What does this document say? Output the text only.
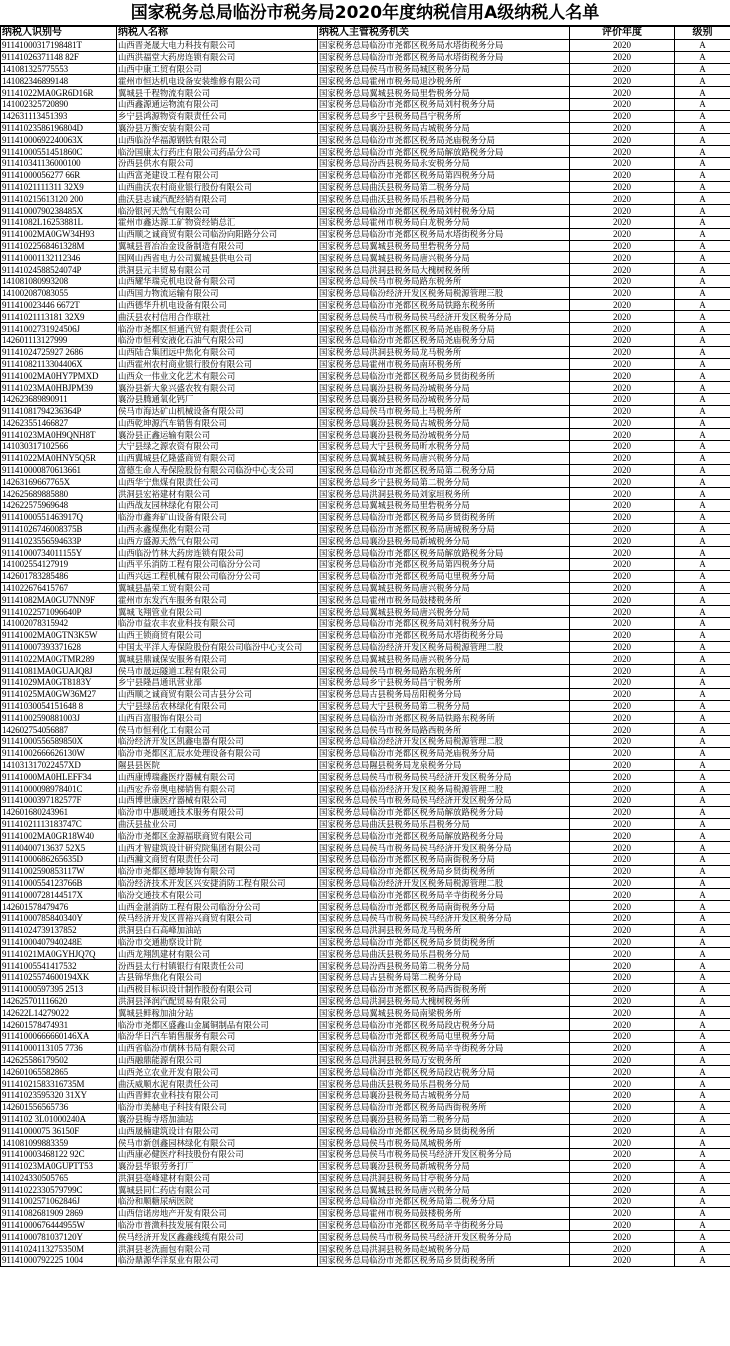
国家税务总局临汾市税务局2020年度纳税信用A级纳税人名单
纳税人识别号	纳税人名称	纳税人主管税务机关	评价年度	级别
91141000317198481T	山西晋尧晟大电力科技有限公司	国家税务总局临汾市尧都区税务局水塔街税务分局	2020	A
91141026371148 82F	山西洪福堂大药房连锁有限公司	国家税务总局临汾市尧都区税务局水塔街税务分局	2020	A
141081325775553	山西中康工贸有限公司	国家税务总局侯马市税务局城区税务分局	2020	A
141082346899148	霍州市恒达机电设备安装维修有限公司	国家税务总局霍州市税务局退沙税务所	2020	A
91141022MA0GR6D16R	翼城县千程物流有限公司	国家税务总局翼城县税务局里砦税务分局	2020	A
141002325720890	山西鑫源通运物流有限公司	国家税务总局临汾市尧都区税务局刘村税务分局	2020	A
142631113451393	乡宁县鸿源物资有限责任公司	国家税务总局乡宁县税务局昌宁税务所	2020	A
91141023586196804D	襄汾县万衡安装有限公司	国家税务总局襄汾县税务局古城税务分局	2020	A
91141000692240063X	山西临汾华福源钢铁有限公司	国家税务总局临汾市尧都区税务局尧庙税务分局	2020	A
91141000551451860C	临汾国康太行药庄有限公司药品分公司	国家税务总局临汾市尧都区税务局解放路税务分局	2020	A
911410341136000100	汾西县供水有限公司	国家税务总局汾西县税务局永安税务分局	2020	A
91141000056277 66R	山西富尧建设工程有限公司	国家税务总局临汾市尧都区税务局第四税务分局	2020	A
91141021111311 32X9	山西曲沃农村商业银行股份有限公司	国家税务总局曲沃县税务局第二税务分局	2020	A
911410215613120 200	曲沃县志诚汽配经销有限公司	国家税务总局曲沃县税务局乐昌税务分局	2020	A
91141000790238485X	临汾银河天然气有限公司	国家税务总局临汾市尧都区税务局刘村税务分局	2020	A
91141082L16253881L	霍州市鑫达源工矿物资经销总汇	国家税务总局霍州市税务局白龙税务分局	2020	A
91141002MA0GW34H93	山西顺之诚商贸有限公司临汾向阳路分公司	国家税务总局临汾市尧都区税务局水塔街税务分局	2020	A
91141022568461328M	翼城县晋冶冶金设备制造有限公司	国家税务总局翼城县税务局里砦税务分局	2020	A
911410001132112346	国网山西省电力公司翼城县供电公司	国家税务总局翼城县税务局唐兴税务分局	2020	A
91141024588524074P	洪洞县元丰贸易有限公司	国家税务总局洪洞县税务局大槐树税务所	2020	A
141081080993208	山西耀华瑞克机电设备有限公司	国家税务总局侯马市税务局路东税务所	2020	A
141002087083055	山西国力物流运输有限公司	国家税务总局临汾经济开发区税务局税源管理三股	2020	A
911410023446 6672T	山西德华升机电设备有限公司	国家税务总局临汾市尧都区税务局铁路东税务所	2020	A
91141021113181 32X9	曲沃县农村信用合作联社	国家税务总局侯马市税务局侯马经济开发区税务分局	2020	A
91141002731924506J	临汾市尧都区恒通汽贸有限责任公司	国家税务总局临汾市尧都区税务局尧庙税务分局	2020	A
142601113127999	临汾市恒利安液化石油气有限公司	国家税务总局临汾市尧都区税务局尧庙税务分局	2020	A
91141024725927 2686	山西陆合集团远中焦化有限公司	国家税务总局洪洞县税务局龙马税务所	2020	A
91141082113304406X	山西霍州农村商业银行股份有限公司	国家税务总局霍州市税务局南环税务所	2020	A
91141002MA0HY7PMXD	山西众一伟业文化艺术有限公司	国家税务总局临汾市尧都区税务局乡贤街税务所	2020	A
91141023MA0HBJPM39	襄汾县新大象兴盛农牧有限公司	国家税务总局襄汾县税务局汾城税务分局	2020	A
142623689890911	襄汾县腾通氧化钙厂	国家税务总局襄汾县税务局汾城税务分局	2020	A
91141081794236364P	侯马市海达矿山机械设备有限公司	国家税务总局侯马市税务局上马税务所	2020	A
142623551466827	山西乾坤源汽车销售有限公司	国家税务总局襄汾县税务局古城税务分局	2020	A
91141023MA0H9QNH8T	襄汾县正鑫运输有限公司	国家税务总局襄汾县税务局汾城税务分局	2020	A
141030317102566	大宁县绿之源农资有限公司	国家税务总局大宁县税务局昕水税务分局	2020	A
91141022MA0HNY5Q5R	山西翼城县亿隆盛商贸有限公司	国家税务总局翼城县税务局唐兴税务分局	2020	A
911410000870613661	富德生命人寿保险股份有限公司临汾中心支公司	国家税务总局临汾市尧都区税务局第二税务分局	2020	A
14263169667765X	山西华宁焦煤有限责任公司	国家税务总局乡宁县税务局第二税务分局	2020	A
142625689885880	洪洞县宏裕建材有限公司	国家税务总局洪洞县税务局刘家垣税务所	2020	A
142622575969648	山西战友园林绿化有限公司	国家税务总局翼城县税务局里砦税务分局	2020	A
91141000551463917Q	临汾市鑫奔矿山设备有限公司	国家税务总局临汾市尧都区税务局乡贤街税务所	2020	A
91141026746008375B	山西永鑫煤焦化有限公司	国家税务总局临汾市尧都区税务局唐城税务分局	2020	A
91141023556594633P	山西方盛源天然气有限公司	国家税务总局襄汾县税务局新城税务分局	2020	A
91141000734011155Y	山西临汾竹林大药房连锁有限公司	国家税务总局临汾市尧都区税务局解放路税务分局	2020	A
141002554127919	山西平乐消防工程有限公司临汾分公司	国家税务总局临汾市尧都区税务局第四税务分局	2020	A
142601783285486	山西兴远工程机械有限公司临汾分公司	国家税务总局临汾市尧都区税务局屯里税务分局	2020	A
141022676415767	翼城县晶荣工贸有限公司	国家税务总局翼城县税务局唐兴税务分局	2020	A
91141082MA0GU7NN9F	霍州市东发汽车服务有限公司	国家税务总局霍州市税务局鼓楼税务所	2020	A
91141022571096640P	翼城飞翔管业有限公司	国家税务总局翼城县税务局唐兴税务分局	2020	A
141002078315942	临汾市益农丰农业科技有限公司	国家税务总局临汾市尧都区税务局刘村税务分局	2020	A
91141002MA0GTN3K5W	山西王锁商贸有限公司	国家税务总局临汾市尧都区税务局水塔街税务分局	2020	A
911410007393371628	中国太平洋人寿保险股份有限公司临汾中心支公司	国家税务总局临汾经济开发区税务局税源管理二股	2020	A
91141022MA0GTMR289	翼城县鼎诚保安服务有限公司	国家税务总局翼城县税务局唐兴税务分局	2020	A
91141081MA0GUAJQ8J	侯马市晟远隧道工程有限公司	国家税务总局侯马市税务局路东税务所	2020	A
91141029MA0GT8183Y	乡宁县隆昌通讯营业部	国家税务总局乡宁县税务局昌宁税务所	2020	A
91141025MA0GW36M27	山西顺之诚商贸有限公司古县分公司	国家税务总局古县税务局岳阳税务分局	2020	A
91141030054151648 8	大宁县绿岳农林绿化有限公司	国家税务总局大宁县税务局第二税务分局	2020	A
91141002590881003J	山西百富服饰有限公司	国家税务总局临汾市尧都区税务局铁路东税务所	2020	A
142602754056887	侯马市恒利化工有限公司	国家税务总局侯马市税务局路西税务所	2020	A
91141000556589850X	临汾经济开发区凯鑫电器有限公司	国家税务总局临汾经济开发区税务局税源管理二股	2020	A
91141002666626130W	临汾市尧都区汇辰水处理设备有限公司	国家税务总局临汾市尧都区税务局尧庙税务分局	2020	A
141031317022457XD	隰县县医院	国家税务总局隰县税务局龙泉税务分局	2020	A
91141000MA0HLEFF34	山西康博瑞鑫医疗器械有限公司	国家税务总局侯马市税务局侯马经济开发区税务分局	2020	A
91141000098978401C	山西宏乔帝奥电梯销售有限公司	国家税务总局临汾经济开发区税务局税源管理二股	2020	A
91141000397182577F	山西博世康医疗器械有限公司	国家税务总局侯马市税务局侯马经济开发区税务分局	2020	A
142601680243961	临汾市中惠暖通技术服务有限公司	国家税务总局临汾市尧都区税务局解放路税务分局	2020	A
91141021113183747C	曲沃县盐业公司	国家税务总局曲沃县税务局乐昌税务分局	2020	A
91141002MA0GR18W40	临汾市尧都区金源福联商贸有限公司	国家税务总局临汾市尧都区税务局解放路税务分局	2020	A
91140400713637 52X5	山西才智建筑设计研究院集团有限公司	国家税务总局侯马市税务局侯马经济开发区税务分局	2020	A
91141000686265635D	山西瀚文商贸有限责任公司	国家税务总局临汾市尧都区税务局南街税务分局	2020	A
91141002590853117W	临汾市尧都区德坤装饰有限公司	国家税务总局临汾市尧都区税务局乡贤街税务所	2020	A
91141000554123766B	临汾经济技术开发区兴安捷消防工程有限公司	国家税务总局临汾经济开发区税务局税源管理二股	2020	A
91141000728144517X	临汾交通技术有限公司	国家税务总局临汾市尧都区税务局辛寺街税务分局	2020	A
142601578479476	山西金湛消防工程有限公司临汾分公司	国家税务总局临汾市尧都区税务局南街税务分局	2020	A
91141000785840340Y	侯马经济开发区晋裕兴商贸有限公司	国家税务总局侯马市税务局侯马经济开发区税务分局	2020	A
91141024739137852	洪洞县白石高峰加油站	国家税务总局洪洞县税务局龙马税务所	2020	A
91141000407940248E	临汾市交通勘察设计院	国家税务总局临汾市尧都区税务局乡贤街税务所	2020	A
91141021MA0GYHJQ7Q	山西龙翔凯建材有限公司	国家税务总局曲沃县税务局乐昌税务分局	2020	A
91141005541417532	汾西县太行村镇银行有限责任公司	国家税务总局汾西县税务局第二税务分局	2020	A
91141025574600194XK	古县锦华焦化有限公司	国家税务总局古县税务局第二税务分局	2020	A
91141000597395 2513	山西极目标识设计制作股份有限公司	国家税务总局临汾市尧都区税务局西街税务所	2020	A
142625701116620	洪洞县泽润汽配贸易有限公司	国家税务总局洪洞县税务局大槐树税务所	2020	A
142622L14279022	翼城县鲜稼加油分站	国家税务总局翼城县税务局南梁税务所	2020	A
142601578474931	临汾市尧都区盛鑫山金属铜制品有限公司	国家税务总局临汾市尧都区税务局段店税务分局	2020	A
91141000666660146XA	临汾华日汽车销售服务有限公司	国家税务总局临汾市尧都区税务局屯里税务分局	2020	A
91141000113105 7736	山西省临汾市儒林书局有限公司	国家税务总局临汾市尧都区税务局辛寺街税务分局	2020	A
142625586179502	山西融鼎能源有限公司	国家税务总局洪洞县税务局万安税务所	2020	A
142601065582865	山西尧立农业开发有限公司	国家税务总局临汾市尧都区税务局段店税务分局	2020	A
91141021583316735M	曲沃威顺水泥有限责任公司	国家税务总局曲沃县税务局乐昌税务分局	2020	A
91141023595320 31XY	山西晋鲜农业科技有限公司	国家税务总局襄汾县税务局古城税务分局	2020	A
142601556565736	临汾市美赫电子科技有限公司	国家税务总局临汾市尧都区税务局西街税务所	2020	A
9114102 3L01000240A	襄汾县梅寺塔加油站	国家税务总局襄汾县税务局第二税务分局	2020	A
91141000075 36150F	山西晟楠建筑设计有限公司	国家税务总局临汾市尧都区税务局乡贤街税务所	2020	A
141081099883359	侯马市新创鑫园林绿化有限公司	国家税务总局侯马市税务局凤城税务所	2020	A
911410003468122 92C	山西康必健医疗科技股份有限公司	国家税务总局侯马市税务局侯马经济开发区税务分局	2020	A
91141023MA0GUPTT53	襄汾县华银劳务打厂	国家税务总局襄汾县税务局新城税务分局	2020	A
141024330505765	洪洞县毫峰建材有限公司	国家税务总局洪洞县税务局甘亭税务分局	2020	A
91141022330579799C	翼城县同仁药店有限公司	国家税务总局翼城县税务局唐兴税务分局	2020	A
91141002571062846J	临汾和顺糖尿病医院	国家税务总局临汾市尧都区税务局第二税务分局	2020	A
91141082681909 2869	山西信诺房地产开发有限公司	国家税务总局霍州市税务局鼓楼税务所	2020	A
91141000676444955W	临汾市普溦科技发展有限公司	国家税务总局临汾市尧都区税务局辛寺街税务分局	2020	A
91141000781037120Y	侯马经济开发区鑫鑫线缆有限公司	国家税务总局侯马市税务局侯马经济开发区税务分局	2020	A
91141024113275350M	洪洞县老洗面包有限公司	国家税务总局洪洞县税务局赵城税务分局	2020	A
91141000792225 1004	临汾鼎源华洋泵业有限公司	国家税务总局临汾市尧都区税务局乡贤街税务所	2020	A
